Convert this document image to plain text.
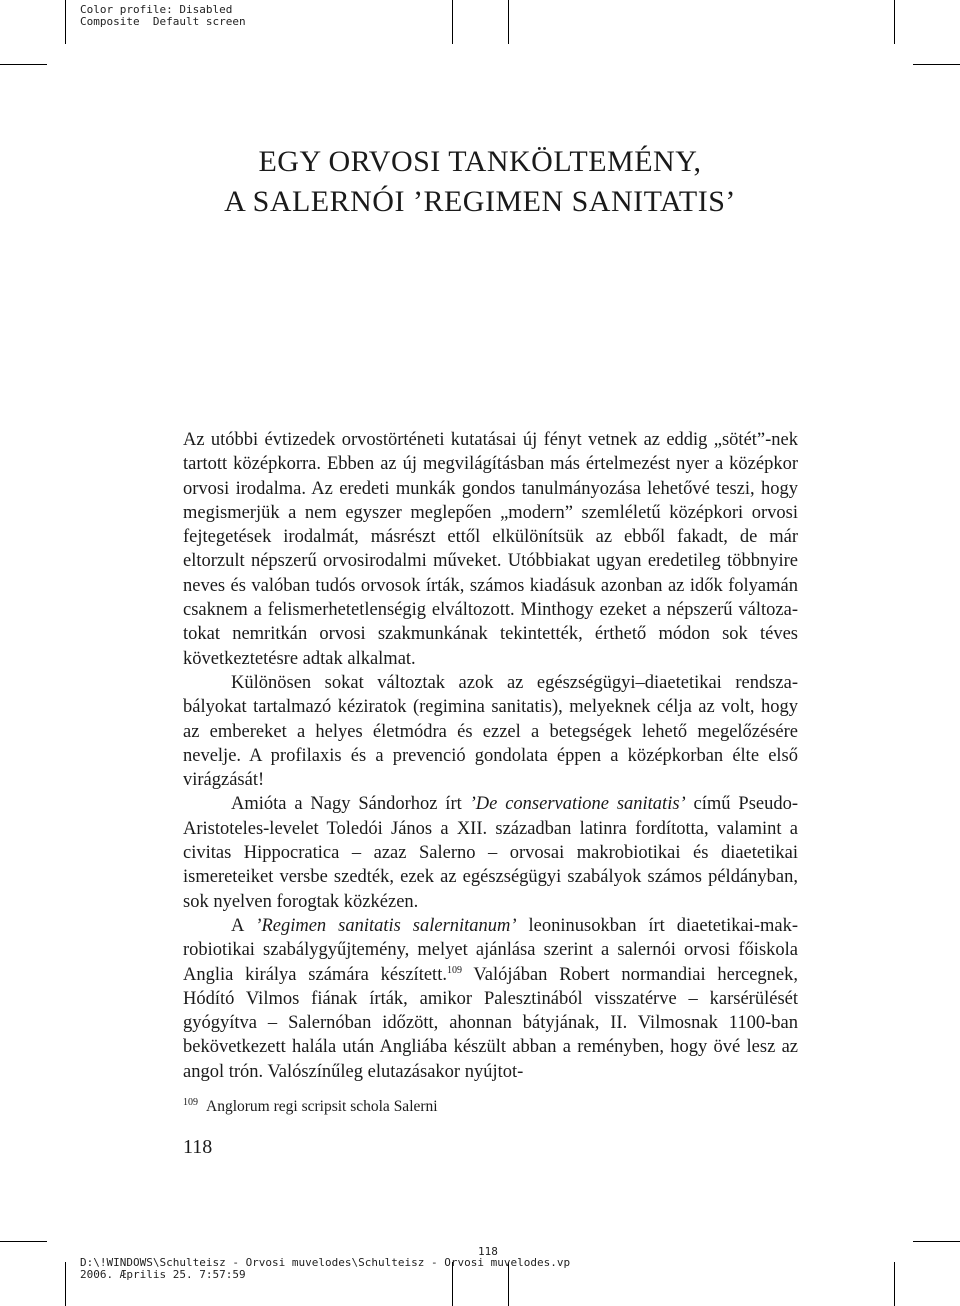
Color profile: Disabled
Composite  Default screen
EGY ORVOSI TANKÖLTEMÉNY,
A SALERNÓI ’REGIMEN SANITATIS’

Az utóbbi évtizedek orvostörténeti kutatásai új fényt vetnek az eddig „sötét”-nek tartott középkorra. Ebben az új megvilágításban más értelmezést nyer a középkor orvosi irodalma. Az eredeti munkák gondos tanulmányozása lehetővé teszi, hogy megismerjük a nem egyszer meglepően „modern” szemléletű középkori orvosi fejtegetések irodalmát, másrészt ettől elkülönítsük az ebből fakadt, de már eltorzult népszerű orvosirodalmi műveket. Utóbbiakat ugyan eredetileg többnyire neves és valóban tudós orvosok írták, számos kiadásuk azonban az idők folyamán csaknem a felismerhetetlenségig elváltozott. Minthogy ezeket a népszerű változatokat nemritkán orvosi szakmunkának tekintették, érthető módon sok téves következtetésre adtak alkalmat.

Különösen sokat változtak azok az egészségügyi–diaetetikai rendszabályokat tartalmazó kéziratok (regimina sanitatis), melyeknek célja az volt, hogy az embereket a helyes életmódra és ezzel a betegségek lehető megelőzésére nevelje. A profilaxis és a prevenció gondolata éppen a középkorban élte első virágzását!

Amióta a Nagy Sándorhoz írt ’De conservatione sanitatis’ című Pseudo-Aristoteles-levelet Toledói János a XII. században latinra fordította, valamint a civitas Hippocratica – azaz Salerno – orvosai makrobiotikai és diaetetikai ismereteiket versbe szedték, ezek az egészségügyi szabályok számos példányban, sok nyelven forogtak közkézen.

A ’Regimen sanitatis salernitanum’ leoninusokban írt diaetetikai-makrobiotikai szabálygyűjtemény, melyet ajánlása szerint a salernói orvosi főiskola Anglia királya számára készített.$^{109}$ Valójában Robert normandiai hercegnek, Hódító Vilmos fiának írták, amikor Palesztinából visszatérve – karsérülését gyógyítva – Salernóban időzött, ahonnan bátyjának, II. Vilmosnak 1100-ban bekövetkezett halála után Angliába készült abban a reményben, hogy övé lesz az angol trón. Valószínűleg elutazásakor nyújtot-

$^{109}$ Anglorum regi scripsit schola Salerni
118
118
D:\!WINDOWS\Schulteisz - Orvosi muvelodes\Schulteisz - Orvosi muvelodes.vp
2006. Æprilis 25. 7:57:59
